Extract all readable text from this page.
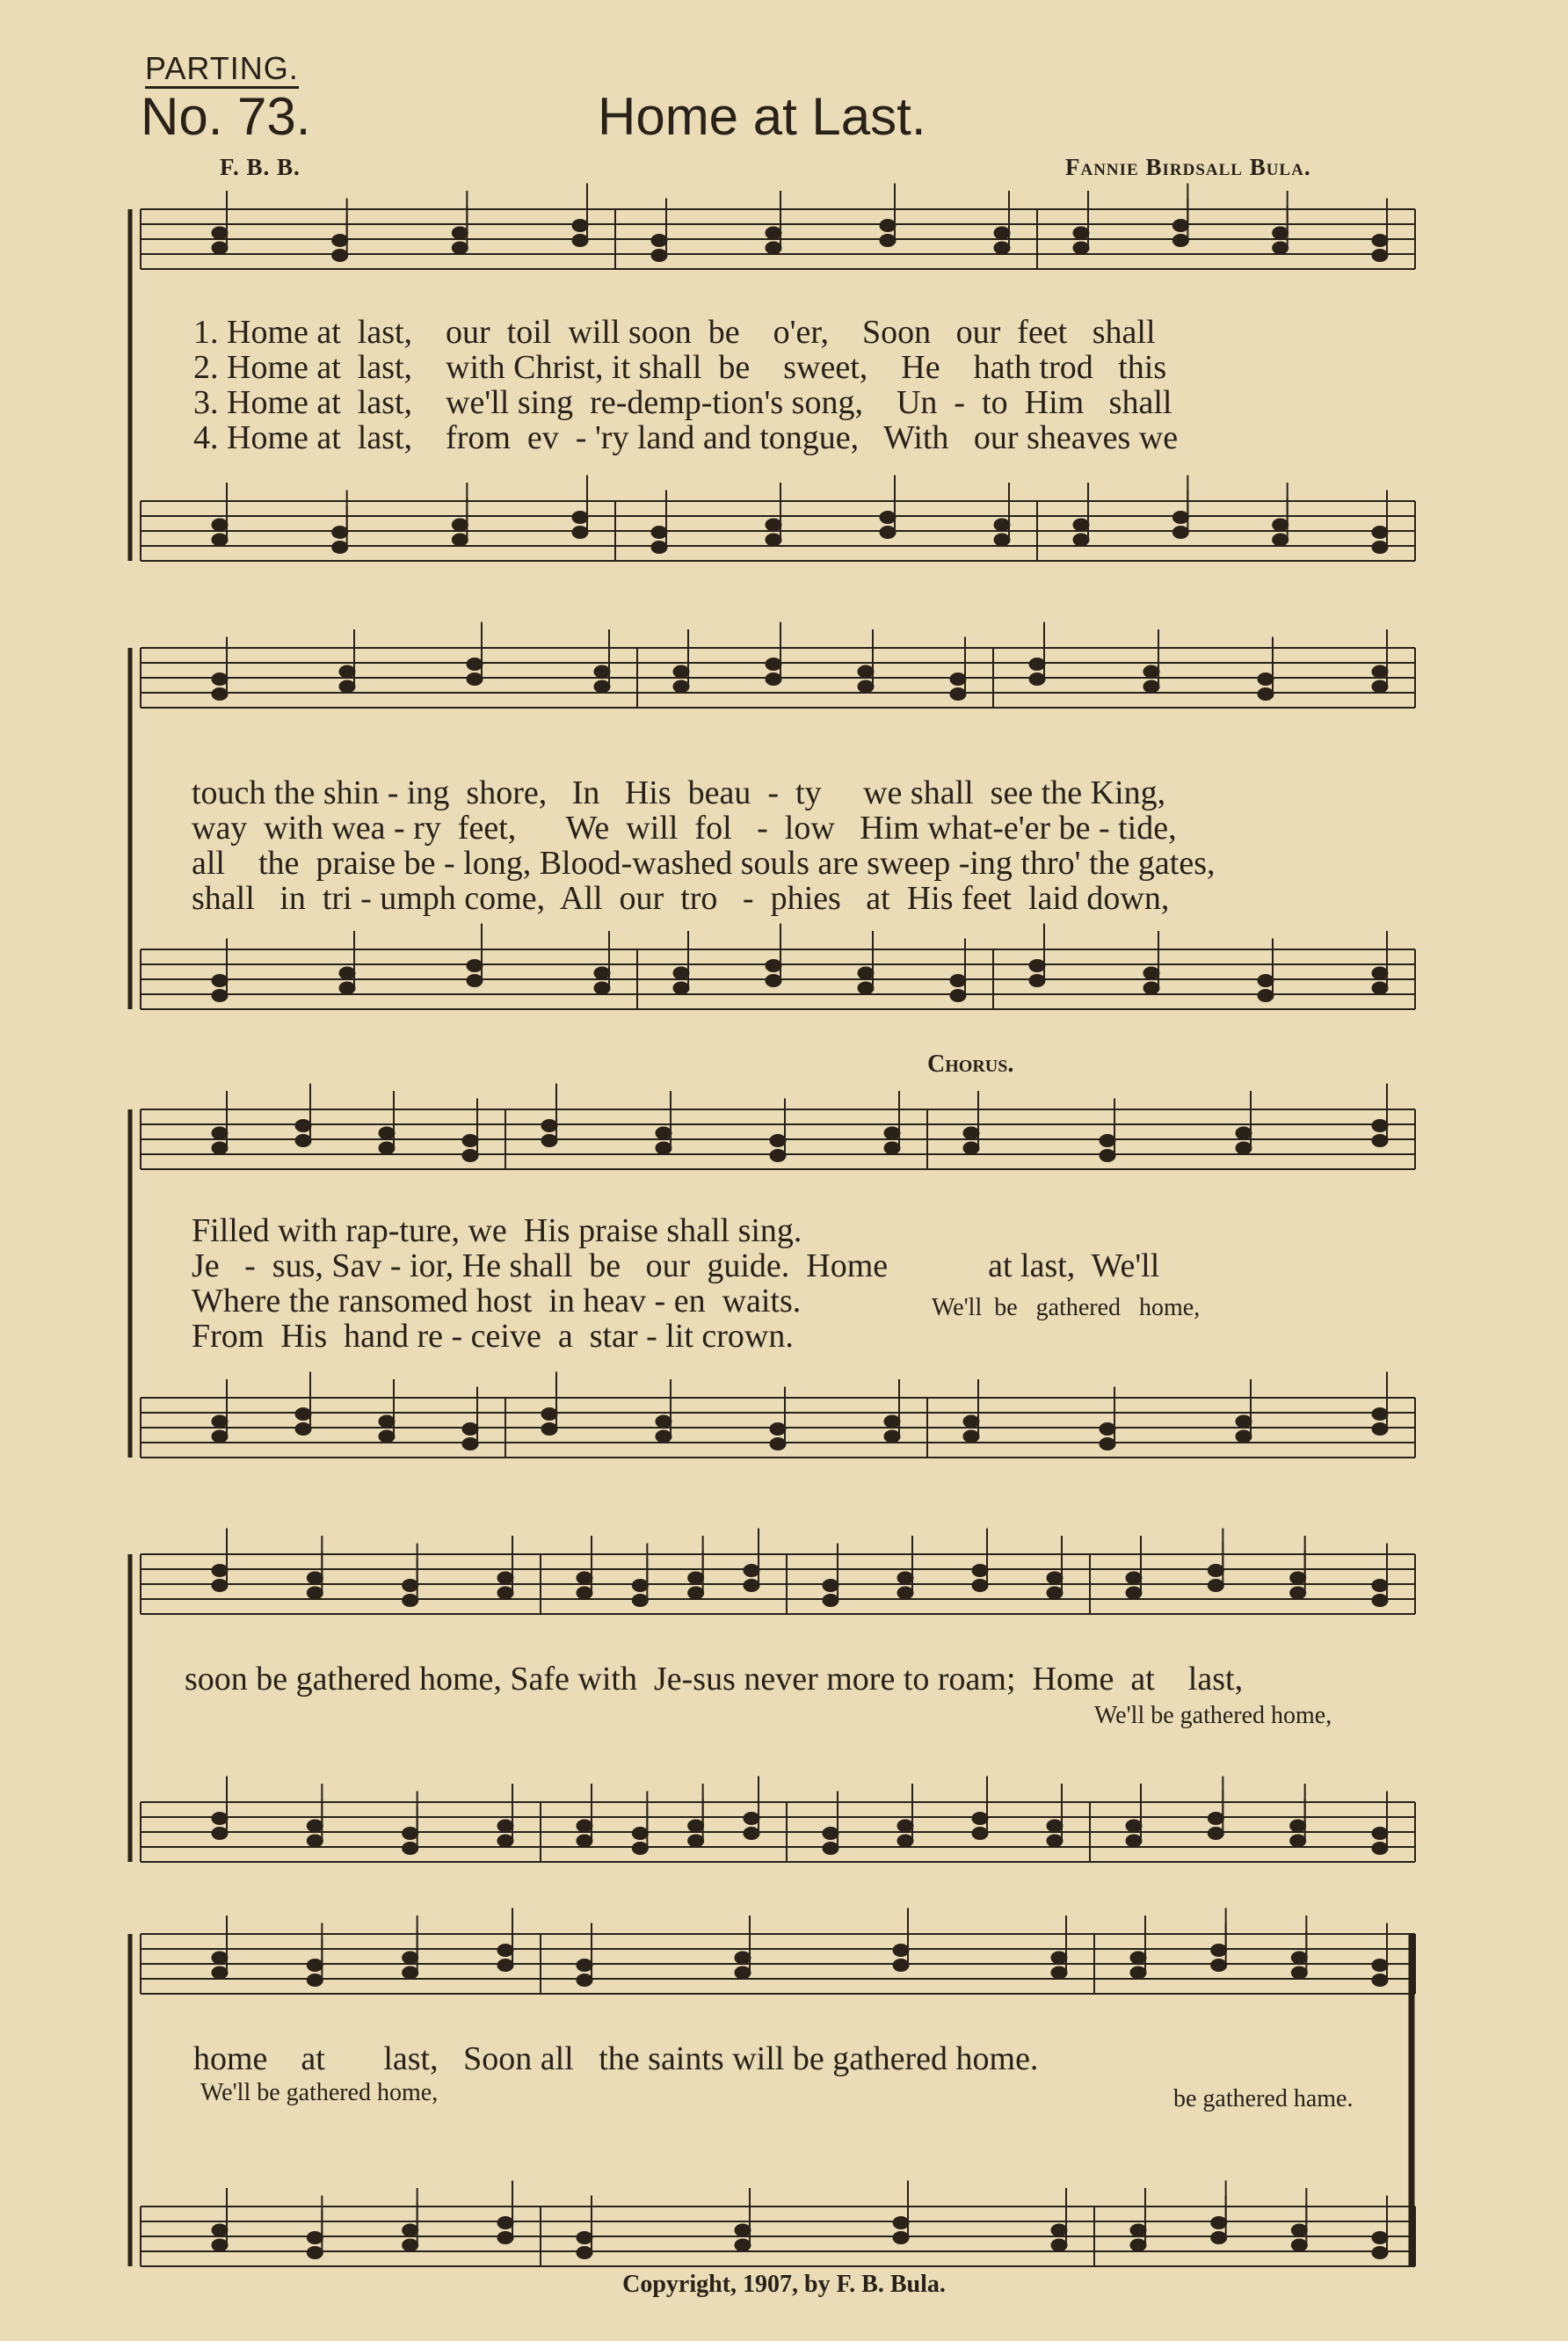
PARTING.
No. 73.	Home at Last.
F. B. B.	Fannie Birdsall Bula.
1. Home at  last,    our  toil  will soon  be    o'er,    Soon   our  feet   shall
2. Home at  last,    with Christ, it shall  be    sweet,    He    hath trod   this
3. Home at  last,    we'll sing  re-demp-tion's song,    Un  -  to  Him   shall
4. Home at  last,    from  ev  - 'ry land and tongue,   With   our sheaves we
touch the shin - ing  shore,   In   His  beau  -  ty     we shall  see the King,
way  with wea - ry  feet,      We  will  fol   -  low   Him what-e'er be - tide,
all    the  praise be - long, Blood-washed souls are sweep -ing thro' the gates,
shall   in  tri - umph come,  All  our  tro   -  phies   at  His feet  laid down,
Chorus.
Filled with rap-ture, we  His praise shall sing.
Je   -  sus, Sav - ior, He shall  be   our  guide.  Home            at last,  We'll
Where the ransomed host  in heav - en  waits.
From  His  hand re - ceive  a  star - lit crown.
We'll  be   gathered   home,
soon be gathered home, Safe with  Je-sus never more to roam;  Home  at    last,
We'll be gathered home,
home    at       last,   Soon all   the saints will be gathered home.
We'll be gathered home,	be gathered hame.
Copyright, 1907, by F. B. Bula.
